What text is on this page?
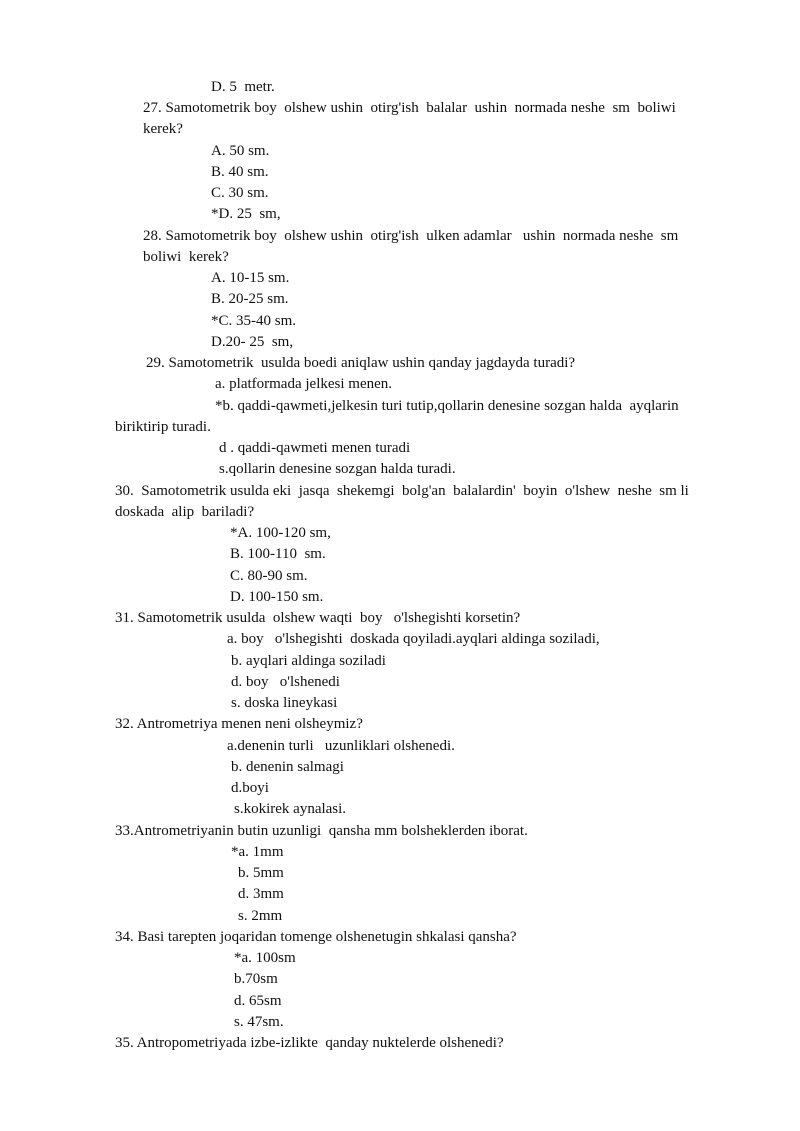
D. 5  metr.

27. Samotometrik boy  olshew ushin  otirg'ish  balalar  ushin  normada neshe  sm  boliwi

kerek?

A. 50 sm.

B. 40 sm.

C. 30 sm.

*D. 25  sm,

28. Samotometrik boy  olshew ushin  otirg'ish  ulken adamlar   ushin  normada neshe  sm

boliwi  kerek?

A. 10-15 sm.

B. 20-25 sm.

*C. 35-40 sm.

D.20- 25  sm,

29. Samotometrik  usulda boedi aniqlaw ushin qanday jagdayda turadi?

a. platformada jelkesi menen.

*b. qaddi-qawmeti,jelkesin turi tutip,qollarin denesine sozgan halda  ayqlarin

biriktirip turadi.

d . qaddi-qawmeti menen turadi

s.qollarin denesine sozgan halda turadi.

30.  Samotometrik usulda eki  jasqa  shekemgi  bolg'an  balalardin'  boyin  o'lshew  neshe  sm li

doskada  alip  bariladi?

*A. 100-120 sm,

B. 100-110  sm.

C. 80-90 sm.

D. 100-150 sm.

31. Samotometrik usulda  olshew waqti  boy   o'lshegishti korsetin?

a. boy   o'lshegishti  doskada qoyiladi.ayqlari aldinga soziladi,

b. ayqlari aldinga soziladi

d. boy   o'lshenedi

s. doska lineykasi

32. Antrometriya menen neni olsheymiz?

a.denenin turli   uzunliklari olshenedi.

b. denenin salmagi

d.boyi

s.kokirek aynalasi.

33.Antrometriyanin butin uzunligi  qansha mm bolsheklerden iborat.

*a. 1mm

b. 5mm

d. 3mm

s. 2mm

34. Basi tarepten joqaridan tomenge olshenetugin shkalasi qansha?

*a. 100sm

b.70sm

d. 65sm

s. 47sm.

35. Antropometriyada izbe-izlikte  qanday nuktelerde olshenedi?
